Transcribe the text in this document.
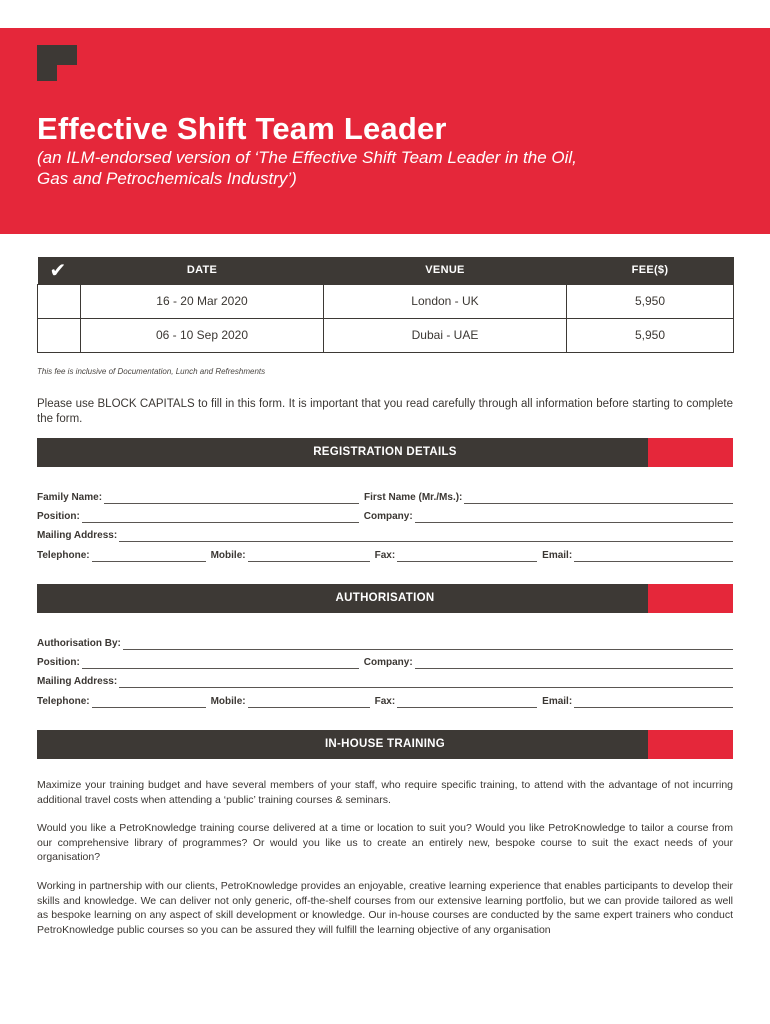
Effective Shift Team Leader
(an ILM-endorsed version of ‘The Effective Shift Team Leader in the Oil, Gas and Petrochemicals Industry’)
✔	DATE	VENUE	FEE($)
	16 - 20 Mar 2020	London - UK	5,950
	06 - 10 Sep 2020	Dubai - UAE	5,950
This fee is inclusive of Documentation, Lunch and Refreshments
Please use BLOCK CAPITALS to fill in this form. It is important that you read carefully through all information before starting to complete the form.
REGISTRATION DETAILS
Family Name:	First Name (Mr./Ms.):
Position:	Company:
Mailing Address:
Telephone:	Mobile:	Fax:	Email:
AUTHORISATION
Authorisation By:
Position:	Company:
Mailing Address:
Telephone:	Mobile:	Fax:	Email:
IN-HOUSE TRAINING
Maximize your training budget and have several members of your staff, who require specific training, to attend with the advantage of not incurring additional travel costs when attending a ‘public’ training courses & seminars.
Would you like a PetroKnowledge training course delivered at a time or location to suit you? Would you like PetroKnowledge to tailor a course from our comprehensive library of programmes? Or would you like us to create an entirely new, bespoke course to suit the exact needs of your organisation?
Working in partnership with our clients, PetroKnowledge provides an enjoyable, creative learning experience that enables participants to develop their skills and knowledge. We can deliver not only generic, off-the-shelf courses from our extensive learning portfolio, but we can provide tailored as well as bespoke learning on any aspect of skill development or knowledge. Our in-house courses are conducted by the same expert trainers who conduct PetroKnowledge public courses so you can be assured they will fulfill the learning objective of any organisation
